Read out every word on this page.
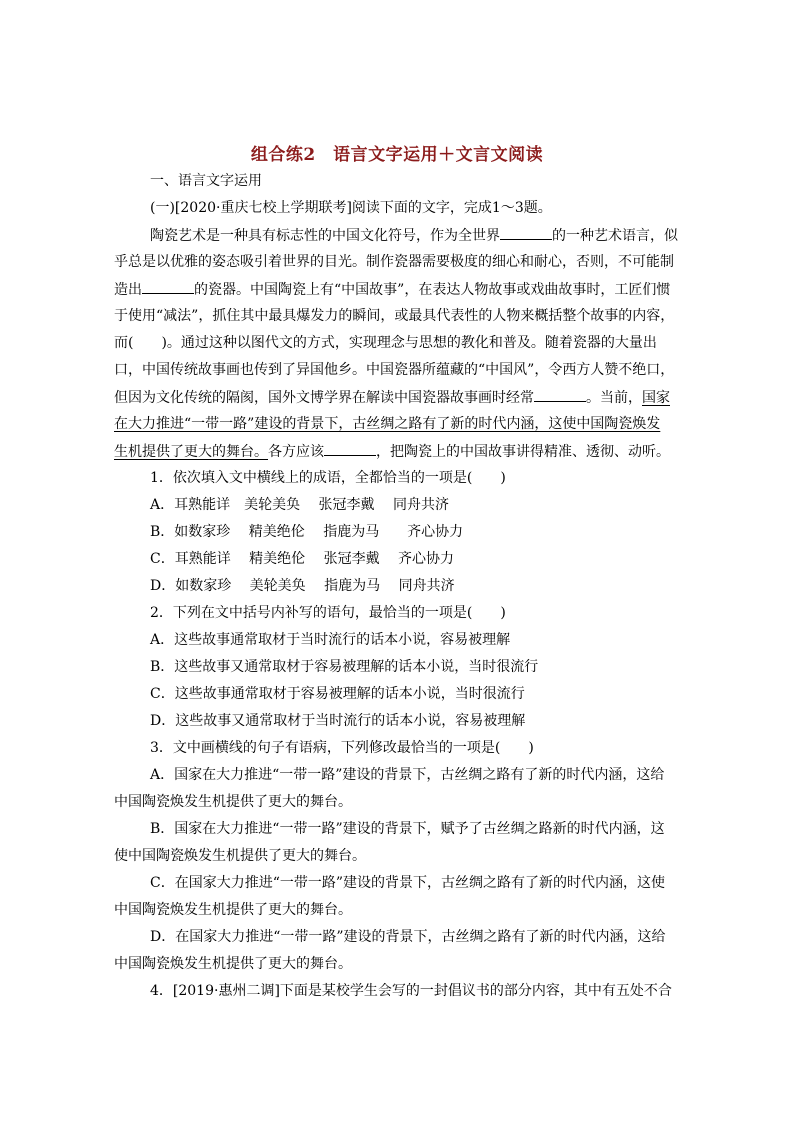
组合练2　语言文字运用＋文言文阅读
一、语言文字运用
(一)[2020·重庆七校上学期联考]阅读下面的文字，完成1～3题。
陶瓷艺术是一种具有标志性的中国文化符号，作为全世界	的一种艺术语言，似
乎总是以优雅的姿态吸引着世界的目光。制作瓷器需要极度的细心和耐心，否则，不可能制
造出	的瓷器。中国陶瓷上有“中国故事”，在表达人物故事或戏曲故事时，工匠们惯
于使用“减法”，抓住其中最具爆发力的瞬间，或最具代表性的人物来概括整个故事的内容，
而(　　)。通过这种以图代文的方式，实现理念与思想的教化和普及。随着瓷器的大量出
口，中国传统故事画也传到了异国他乡。中国瓷器所蕴藏的“中国风”，令西方人赞不绝口，
但因为文化传统的隔阂，国外文博学界在解读中国瓷器故事画时经常	。当前，国家
在大力推进“一带一路”建设的背景下，古丝绸之路有了新的时代内涵，这使中国陶瓷焕发
生机提供了更大的舞台。各方应该	，把陶瓷上的中国故事讲得精准、透彻、动听。
1．依次填入文中横线上的成语，全都恰当的一项是(　　)
A．耳熟能详　美轮美奂　 张冠李戴　 同舟共济
B．如数家珍　 精美绝伦　 指鹿为马　　齐心协力
C．耳熟能详　 精美绝伦　 张冠李戴　 齐心协力
D．如数家珍　 美轮美奂　 指鹿为马　 同舟共济
2．下列在文中括号内补写的语句，最恰当的一项是(　　)
A．这些故事通常取材于当时流行的话本小说，容易被理解
B．这些故事又通常取材于容易被理解的话本小说，当时很流行
C．这些故事通常取材于容易被理解的话本小说，当时很流行
D．这些故事又通常取材于当时流行的话本小说，容易被理解
3．文中画横线的句子有语病，下列修改最恰当的一项是(　　)
A．国家在大力推进“一带一路”建设的背景下，古丝绸之路有了新的时代内涵，这给
中国陶瓷焕发生机提供了更大的舞台。
B．国家在大力推进“一带一路”建设的背景下，赋予了古丝绸之路新的时代内涵，这
使中国陶瓷焕发生机提供了更大的舞台。
C．在国家大力推进“一带一路”建设的背景下，古丝绸之路有了新的时代内涵，这使
中国陶瓷焕发生机提供了更大的舞台。
D．在国家大力推进“一带一路”建设的背景下，古丝绸之路有了新的时代内涵，这给
中国陶瓷焕发生机提供了更大的舞台。
4．[2019·惠州二调]下面是某校学生会写的一封倡议书的部分内容，其中有五处不合
